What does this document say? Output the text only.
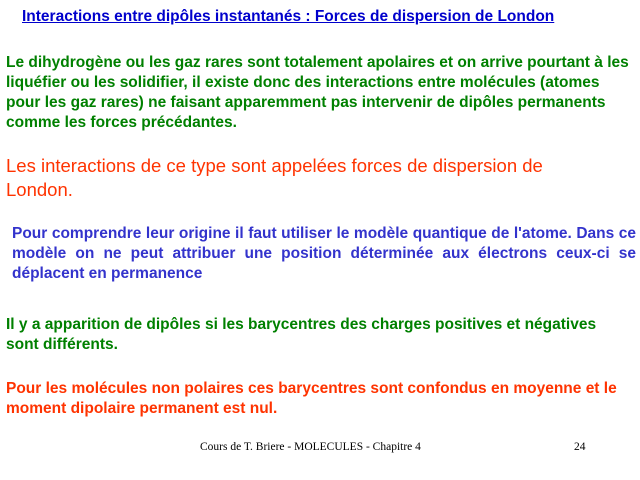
Interactions entre dipôles instantanés : Forces de dispersion de London
Le dihydrogène ou les gaz rares sont totalement apolaires et on arrive pourtant à les liquéfier ou les solidifier, il existe donc des interactions entre molécules (atomes pour les gaz rares) ne faisant apparemment pas intervenir de dipôles permanents comme les forces précédantes.
Les interactions de ce type sont appelées forces de dispersion de London.
Pour comprendre leur origine il faut utiliser le modèle quantique de l'atome. Dans ce modèle on ne peut attribuer une position déterminée aux électrons ceux-ci se déplacent en permanence
Il y a apparition de dipôles si les barycentres des charges positives et négatives sont différents.
Pour les molécules non polaires ces barycentres sont confondus en moyenne et le moment dipolaire permanent est nul.
Cours de T. Briere - MOLECULES - Chapitre 4	24
